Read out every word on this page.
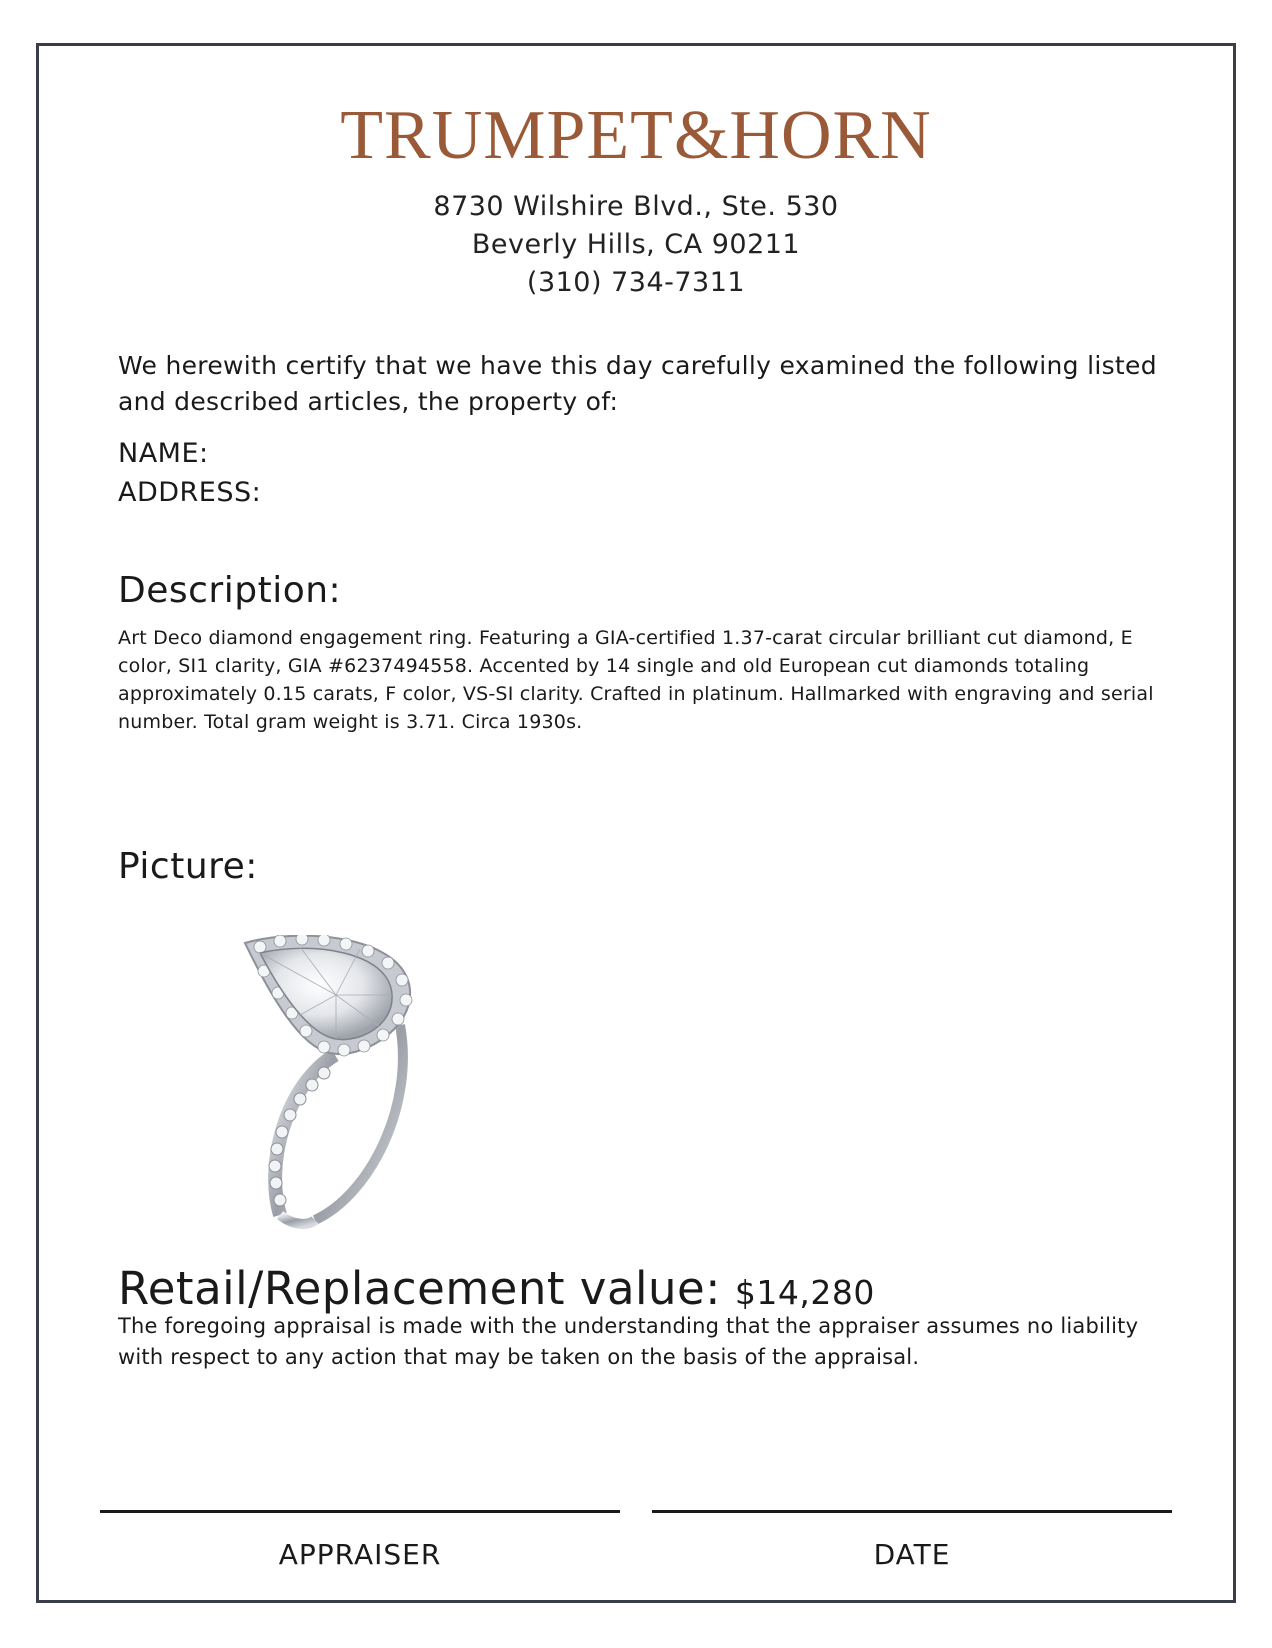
TRUMPET&HORN
8730 Wilshire Blvd., Ste. 530
Beverly Hills, CA 90211
(310) 734-7311
We herewith certify that we have this day carefully examined the following listed and described articles, the property of:
NAME:
ADDRESS:
Description:
Art Deco diamond engagement ring. Featuring a GIA-certified 1.37-carat circular brilliant cut diamond, E color, SI1 clarity, GIA #6237494558. Accented by 14 single and old European cut diamonds totaling approximately 0.15 carats, F color, VS-SI clarity. Crafted in platinum. Hallmarked with engraving and serial number. Total gram weight is 3.71. Circa 1930s.
Picture:
Retail/Replacement value: $14,280
The foregoing appraisal is made with the understanding that the appraiser assumes no liability with respect to any action that may be taken on the basis of the appraisal.
APPRAISER	DATE
